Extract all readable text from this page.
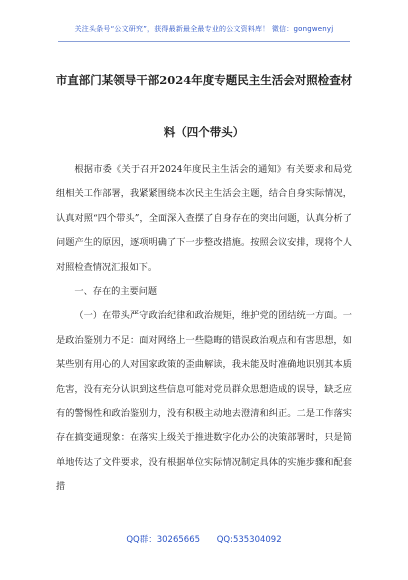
关注头条号“公文研究”，获得最新最全最专业的公文资料库！ 微信：gongwenyj
市直部门某领导干部2024年度专题民主生活会对照检查材
料（四个带头）

根据市委《关于召开2024年度民主生活会的通知》有关要求和局党组相关工作部署，我紧紧围绕本次民主生活会主题，结合自身实际情况，认真对照“四个带头”，全面深入查摆了自身存在的突出问题，认真分析了问题产生的原因，逐项明确了下一步整改措施。按照会议安排，现将个人对照检查情况汇报如下。

一、存在的主要问题

（一）在带头严守政治纪律和政治规矩，维护党的团结统一方面。一是政治鉴别力不足：面对网络上一些隐晦的错误政治观点和有害思想，如某些别有用心的人对国家政策的歪曲解读，我未能及时准确地识别其本质危害，没有充分认识到这些信息可能对党员群众思想造成的误导，缺乏应有的警惕性和政治鉴别力，没有积极主动地去澄清和纠正。二是工作落实存在搞变通现象：在落实上级关于推进数字化办公的决策部署时，只是简单地传达了文件要求，没有根据单位实际情况制定具体的实施步骤和配套措

QQ群：30265665 QQ:535304092
